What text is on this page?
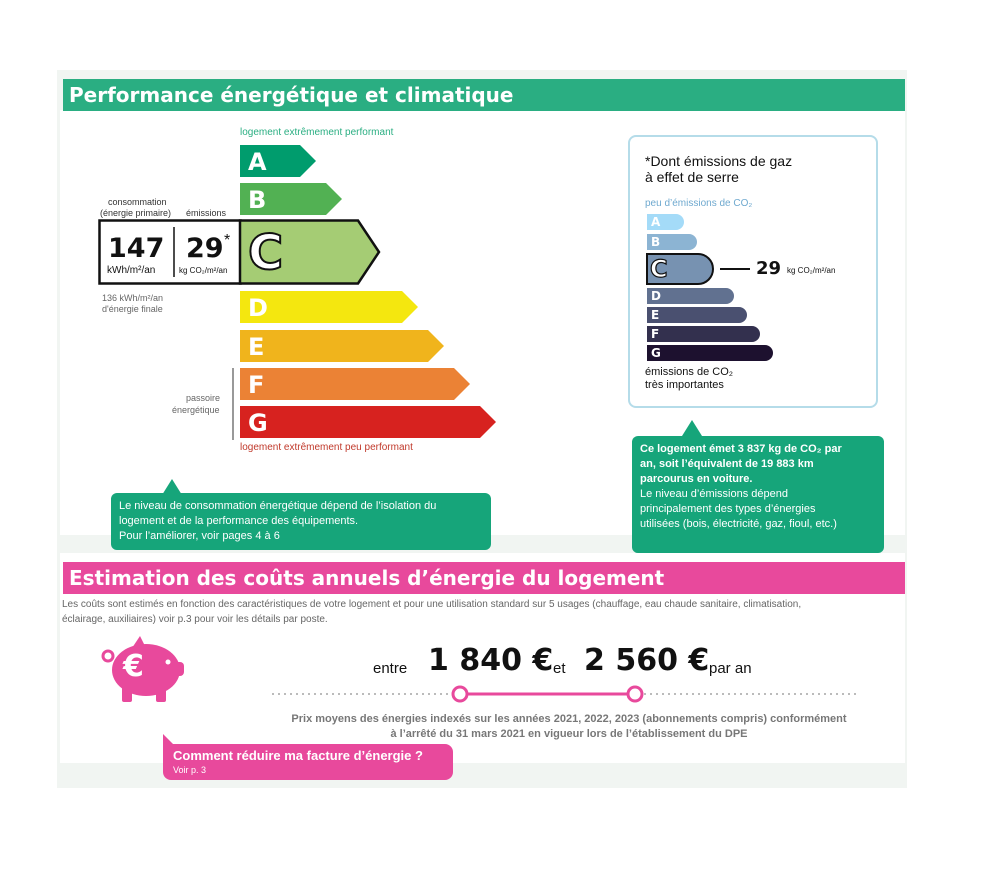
Performance énergétique et climatique
logement extrêmement performant
A
B
D
E
F
G
C
consommation
(énergie primaire) émissions
147
kWh/m²/an
29 *
kg CO₂/m²/an
136 kWh/m²/an
d'énergie finale
passoire
énergétique
logement extrêmement peu performant
Le niveau de consommation énergétique dépend de l’isolation du
logement et de la performance des équipements.
Pour l’améliorer, voir pages 4 à 6
*Dont émissions de gaz
à effet de serre
peu d’émissions de CO₂
A
B
C
D
E
F
G
29 kg CO₂/m²/an
émissions de CO₂
très importantes
Ce logement émet 3 837 kg de CO₂ par
an, soit l’équivalent de 19 883 km
parcourus en voiture.
Le niveau d’émissions dépend
principalement des types d’énergies
utilisées (bois, électricité, gaz, fioul, etc.)
Estimation des coûts annuels d’énergie du logement
Les coûts sont estimés en fonction des caractéristiques de votre logement et pour une utilisation standard sur 5 usages (chauffage, eau chaude sanitaire, climatisation,
éclairage, auxiliaires) voir p.3 pour voir les détails par poste.
€	entre 1 840 € et 2 560 € par an
Prix moyens des énergies indexés sur les années 2021, 2022, 2023 (abonnements compris) conformément
à l’arrêté du 31 mars 2021 en vigueur lors de l’établissement du DPE
Comment réduire ma facture d’énergie ?
Voir p. 3
